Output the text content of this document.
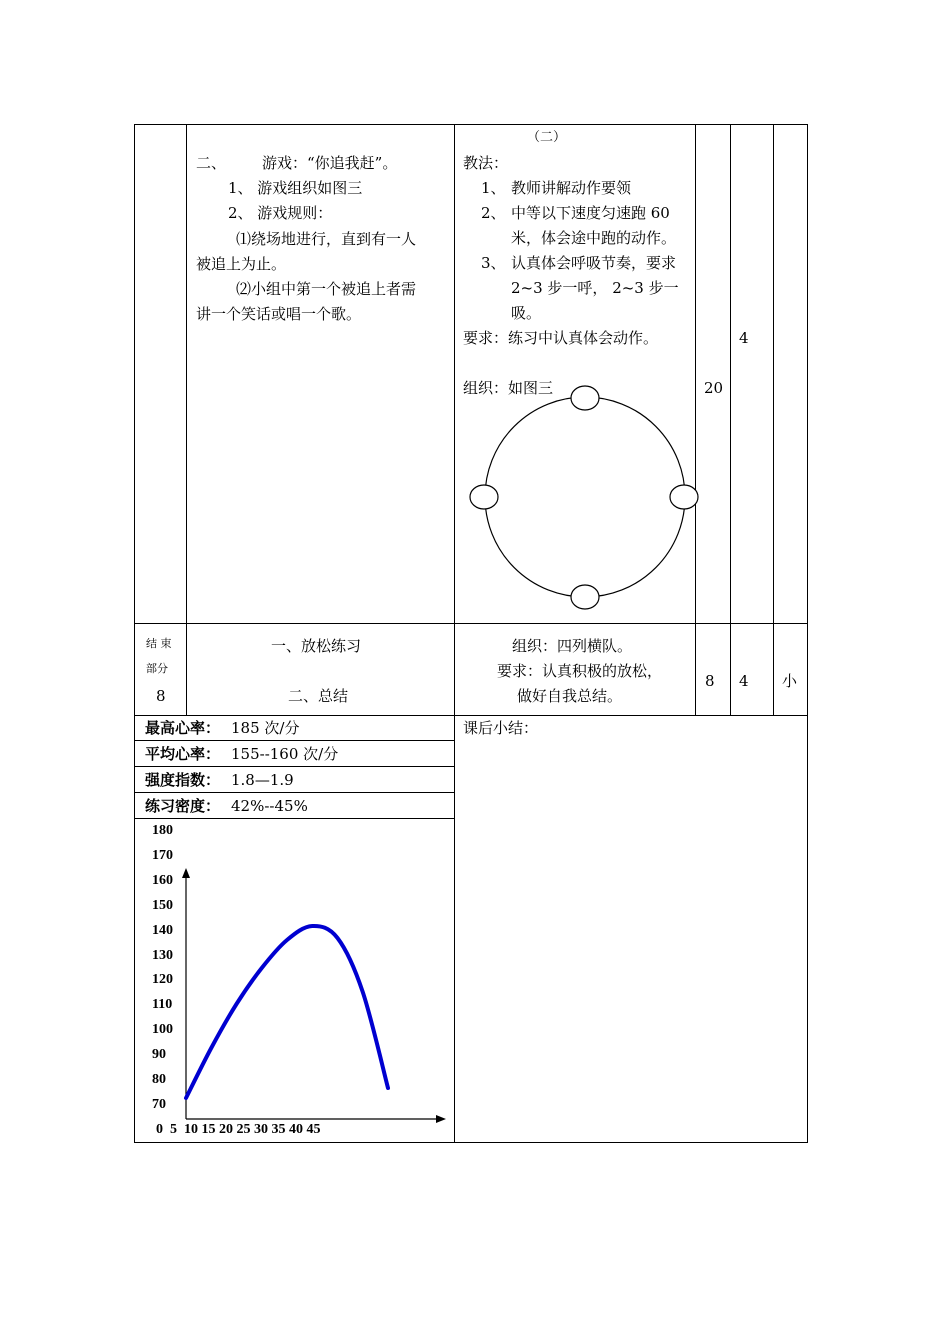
二、 游戏：“你追我赶”。
1、 游戏组织如图三
2、 游戏规则：
⑴绕场地进行，直到有一人
被追上为止。
⑵小组中第一个被追上者需
讲一个笑话或唱一个歌。
（二）
教法：
1、 教师讲解动作要领
2、 中等以下速度匀速跑 60
米，体会途中跑的动作。
3、 认真体会呼吸节奏，要求
2~3 步一呼， 2~3 步一
吸。
要求：练习中认真体会动作。
组织：如图三	20
4
结 束
部分
8
一、放松练习
二、总结
组织：四列横队。
要求：认真积极的放松，
做好自我总结。
8 4 小
最高心率： 185 次/分
平均心率： 155--160 次/分
强度指数： 1.8—1.9
练习密度： 42%--45%
课后小结：
180
170
160
150
140
130
120
110
100
90
80
70
0  5  10 15 20 25 30 35 40 45
